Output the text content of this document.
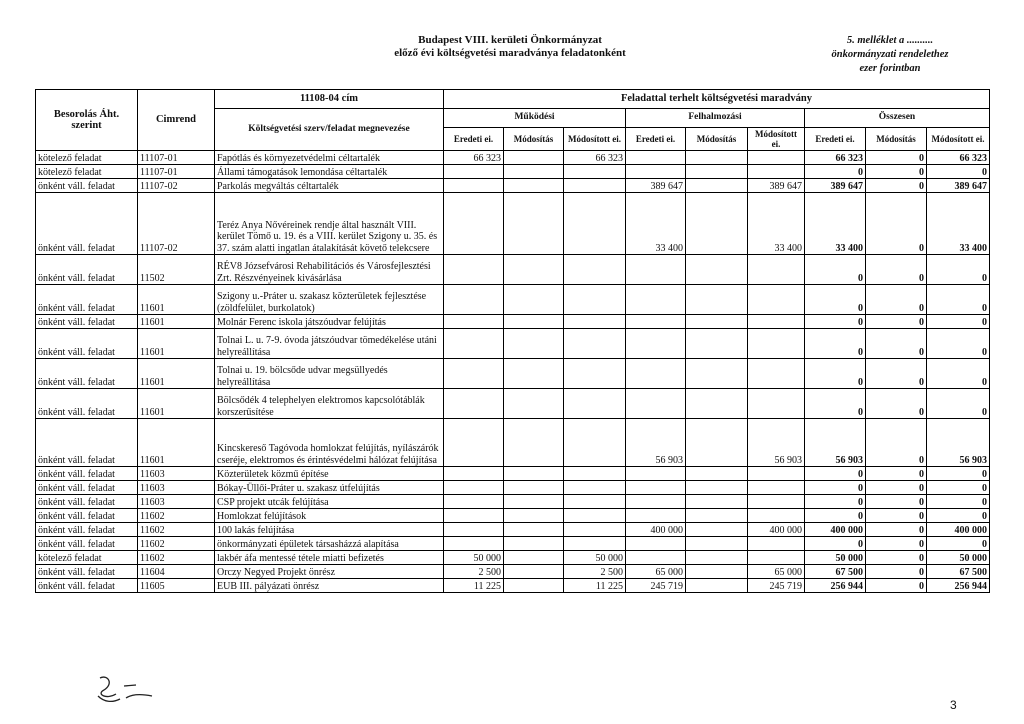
Budapest VIII. kerületi Önkormányzat
előző évi költségvetési maradványa feladatonként
5. melléklet a ..........
önkormányzati rendelethez
ezer forintban
Besorolás Áht. szerint	Cimrend	11108-04 cím	Feladattal terhelt költségvetési maradvány								
		Költségvetési szerv/feladat megnevezése	Működési			Felhalmozási			Összesen		
			Eredeti ei.	Módosítás	Módosított ei.	Eredeti ei.	Módosítás	Módosított ei.	Eredeti ei.	Módosítás	Módosított ei.
kötelező feladat	11107-01	Fapótlás és környezetvédelmi céltartalék	66 323		66 323				66 323	0	66 323
kötelező feladat	11107-01	Állami támogatások lemondása céltartalék							0	0	0
önként váll. feladat	11107-02	Parkolás megváltás céltartalék				389 647		389 647	389 647	0	389 647
önként váll. feladat	11107-02	Teréz Anya Nővéreinek rendje által használt VIII. kerület Tömő u. 19. és a VIII. kerület Szigony u. 35. és 37. szám alatti ingatlan átalakítását követő telekcsere				33 400		33 400	33 400	0	33 400
önként váll. feladat	11502	RÉV8 Józsefvárosi Rehabilitációs és Városfejlesztési Zrt. Részvényeinek kivásárlása							0	0	0
önként váll. feladat	11601	Szigony u.-Práter u. szakasz közterületek fejlesztése (zöldfelület, burkolatok)							0	0	0
önként váll. feladat	11601	Molnár Ferenc iskola játszóudvar felújítás							0	0	0
önként váll. feladat	11601	Tolnai L. u. 7-9. óvoda játszóudvar tömedékelése utáni helyreállítása							0	0	0
önként váll. feladat	11601	Tolnai u. 19. bölcsőde udvar megsüllyedés helyreállítása							0	0	0
önként váll. feladat	11601	Bölcsődék 4 telephelyen elektromos kapcsolótáblák korszerűsítése							0	0	0
önként váll. feladat	11601	Kincskereső Tagóvoda homlokzat felújítás, nyílászárók cseréje, elektromos és érintésvédelmi hálózat felújítása				56 903		56 903	56 903	0	56 903
önként váll. feladat	11603	Közterületek közmű építése							0	0	0
önként váll. feladat	11603	Bókay-Üllői-Práter u. szakasz útfelújítás							0	0	0
önként váll. feladat	11603	CSP projekt utcák felújítása							0	0	0
önként váll. feladat	11602	Homlokzat felújítások							0	0	0
önként váll. feladat	11602	100 lakás felújítása				400 000		400 000	400 000	0	400 000
önként váll. feladat	11602	önkormányzati épületek társasházzá alapítása							0	0	0
kötelező feladat	11602	lakbér áfa mentessé tétele miatti befizetés	50 000		50 000				50 000	0	50 000
önként váll. feladat	11604	Orczy Negyed Projekt önrész	2 500		2 500	65 000		65 000	67 500	0	67 500
önként váll. feladat	11605	EUB III. pályázati önrész	11 225		11 225	245 719		245 719	256 944	0	256 944
3
